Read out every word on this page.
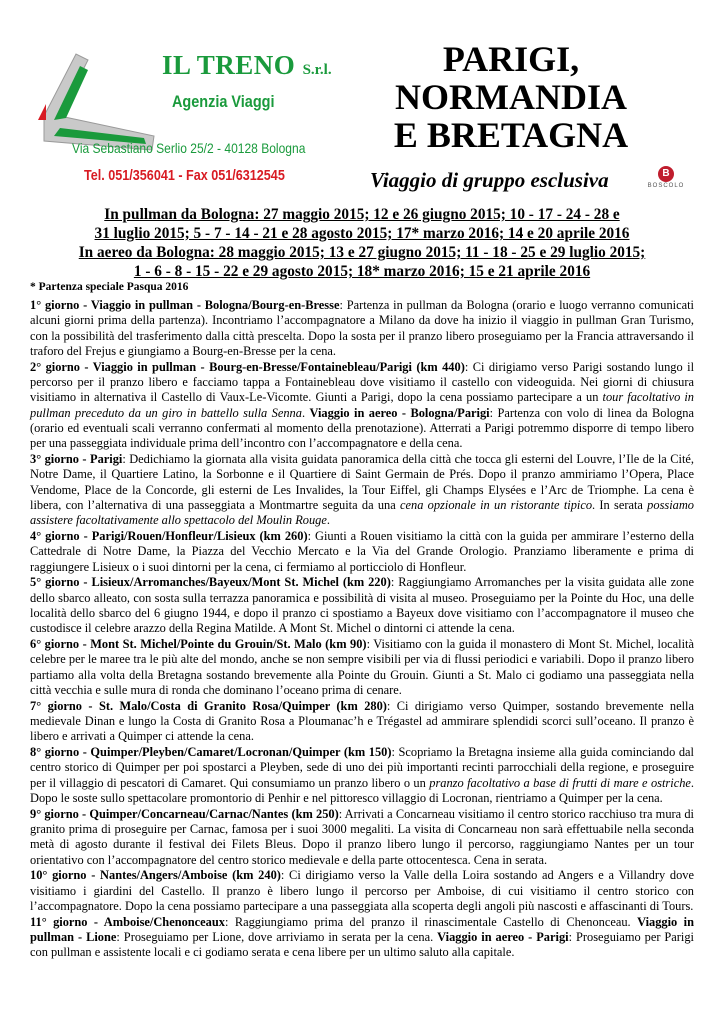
IL TRENO S.r.l.
Agenzia Viaggi
Via Sebastiano Serlio 25/2 - 40128 Bologna
Tel. 051/356041 - Fax 051/6312545
PARIGI,
NORMANDIA
E BRETAGNA
Viaggio di gruppo esclusiva	B
BOSCOLO
In pullman da Bologna: 27 maggio 2015; 12 e 26 giugno 2015; 10 - 17 - 24 - 28 e
31 luglio 2015; 5 - 7 - 14 - 21 e 28 agosto 2015; 17* marzo 2016; 14 e 20 aprile 2016
In aereo da Bologna: 28 maggio 2015; 13 e 27 giugno 2015; 11 - 18 - 25 e 29 luglio 2015;
1 - 6 - 8 - 15 - 22 e 29 agosto 2015; 18* marzo 2016; 15 e 21 aprile 2016
* Partenza speciale Pasqua 2016

1° giorno - Viaggio in pullman - Bologna/Bourg-en-Bresse: Partenza in pullman da Bologna (orario e luogo verranno comunicati alcuni giorni prima della partenza). Incontriamo l’accompagnatore a Milano da dove ha inizio il viaggio in pullman Gran Turismo, con la possibilità del trasferimento dalla città prescelta. Dopo la sosta per il pranzo libero proseguiamo per la Francia attraversando il traforo del Frejus e giungiamo a Bourg-en-Bresse per la cena.

2° giorno - Viaggio in pullman - Bourg-en-Bresse/Fontainebleau/Parigi (km 440): Ci dirigiamo verso Parigi sostando lungo il percorso per il pranzo libero e facciamo tappa a Fontainebleau dove visitiamo il castello con videoguida. Nei giorni di chiusura visitiamo in alternativa il Castello di Vaux-Le-Vicomte. Giunti a Parigi, dopo la cena possiamo partecipare a un tour facoltativo in pullman preceduto da un giro in battello sulla Senna. Viaggio in aereo - Bologna/Parigi: Partenza con volo di linea da Bologna (orario ed eventuali scali verranno confermati al momento della prenotazione). Atterrati a Parigi potremmo disporre di tempo libero per una passeggiata individuale prima dell’incontro con l’accompagnatore e della cena.

3° giorno - Parigi: Dedichiamo la giornata alla visita guidata panoramica della città che tocca gli esterni del Louvre, l’Ile de la Cité, Notre Dame, il Quartiere Latino, la Sorbonne e il Quartiere di Saint Germain de Prés. Dopo il pranzo ammiriamo l’Opera, Place Vendome, Place de la Concorde, gli esterni de Les Invalides, la Tour Eiffel, gli Champs Elysées e l’Arc de Triomphe. La cena è libera, con l’alternativa di una passeggiata a Montmartre seguita da una cena opzionale in un ristorante tipico. In serata possiamo assistere facoltativamente allo spettacolo del Moulin Rouge.

4° giorno - Parigi/Rouen/Honfleur/Lisieux (km 260): Giunti a Rouen visitiamo la città con la guida per ammirare l’esterno della Cattedrale di Notre Dame, la Piazza del Vecchio Mercato e la Via del Grande Orologio. Pranziamo liberamente e prima di raggiungere Lisieux o i suoi dintorni per la cena, ci fermiamo al porticciolo di Honfleur.

5° giorno - Lisieux/Arromanches/Bayeux/Mont St. Michel (km 220): Raggiungiamo Arromanches per la visita guidata alle zone dello sbarco alleato, con sosta sulla terrazza panoramica e possibilità di visita al museo. Proseguiamo per la Pointe du Hoc, una delle località dello sbarco del 6 giugno 1944, e dopo il pranzo ci spostiamo a Bayeux dove visitiamo con l’accompagnatore il museo che custodisce il celebre arazzo della Regina Matilde. A Mont St. Michel o dintorni ci attende la cena.

6° giorno - Mont St. Michel/Pointe du Grouin/St. Malo (km 90): Visitiamo con la guida il monastero di Mont St. Michel, località celebre per le maree tra le più alte del mondo, anche se non sempre visibili per via di flussi periodici e variabili. Dopo il pranzo libero partiamo alla volta della Bretagna sostando brevemente alla Pointe du Grouin. Giunti a St. Malo ci godiamo una passeggiata nella città vecchia e sulle mura di ronda che dominano l’oceano prima di cenare.

7° giorno - St. Malo/Costa di Granito Rosa/Quimper (km 280): Ci dirigiamo verso Quimper, sostando brevemente nella medievale Dinan e lungo la Costa di Granito Rosa a Ploumanac’h e Trégastel ad ammirare splendidi scorci sull’oceano. Il pranzo è libero e arrivati a Quimper ci attende la cena.

8° giorno - Quimper/Pleyben/Camaret/Locronan/Quimper (km 150): Scopriamo la Bretagna insieme alla guida cominciando dal centro storico di Quimper per poi spostarci a Pleyben, sede di uno dei più importanti recinti parrocchiali della regione, e proseguire per il villaggio di pescatori di Camaret. Qui consumiamo un pranzo libero o un pranzo facoltativo a base di frutti di mare e ostriche. Dopo le soste sullo spettacolare promontorio di Penhir e nel pittoresco villaggio di Locronan, rientriamo a Quimper per la cena.

9° giorno - Quimper/Concarneau/Carnac/Nantes (km 250): Arrivati a Concarneau visitiamo il centro storico racchiuso tra mura di granito prima di proseguire per Carnac, famosa per i suoi 3000 megaliti. La visita di Concarneau non sarà effettuabile nella seconda metà di agosto durante il festival dei Filets Bleus. Dopo il pranzo libero lungo il percorso, raggiungiamo Nantes per un tour orientativo con l’accompagnatore del centro storico medievale e della parte ottocentesca. Cena in serata.

10° giorno - Nantes/Angers/Amboise (km 240): Ci dirigiamo verso la Valle della Loira sostando ad Angers e a Villandry dove visitiamo i giardini del Castello. Il pranzo è libero lungo il percorso per Amboise, di cui visitiamo il centro storico con l’accompagnatore. Dopo la cena possiamo partecipare a una passeggiata alla scoperta degli angoli più nascosti e affascinanti di Tours.

11° giorno - Amboise/Chenonceaux: Raggiungiamo prima del pranzo il rinascimentale Castello di Chenonceau. Viaggio in pullman - Lione: Proseguiamo per Lione, dove arriviamo in serata per la cena. Viaggio in aereo - Parigi: Proseguiamo per Parigi con pullman e assistente locali e ci godiamo serata e cena libere per un ultimo saluto alla capitale.
